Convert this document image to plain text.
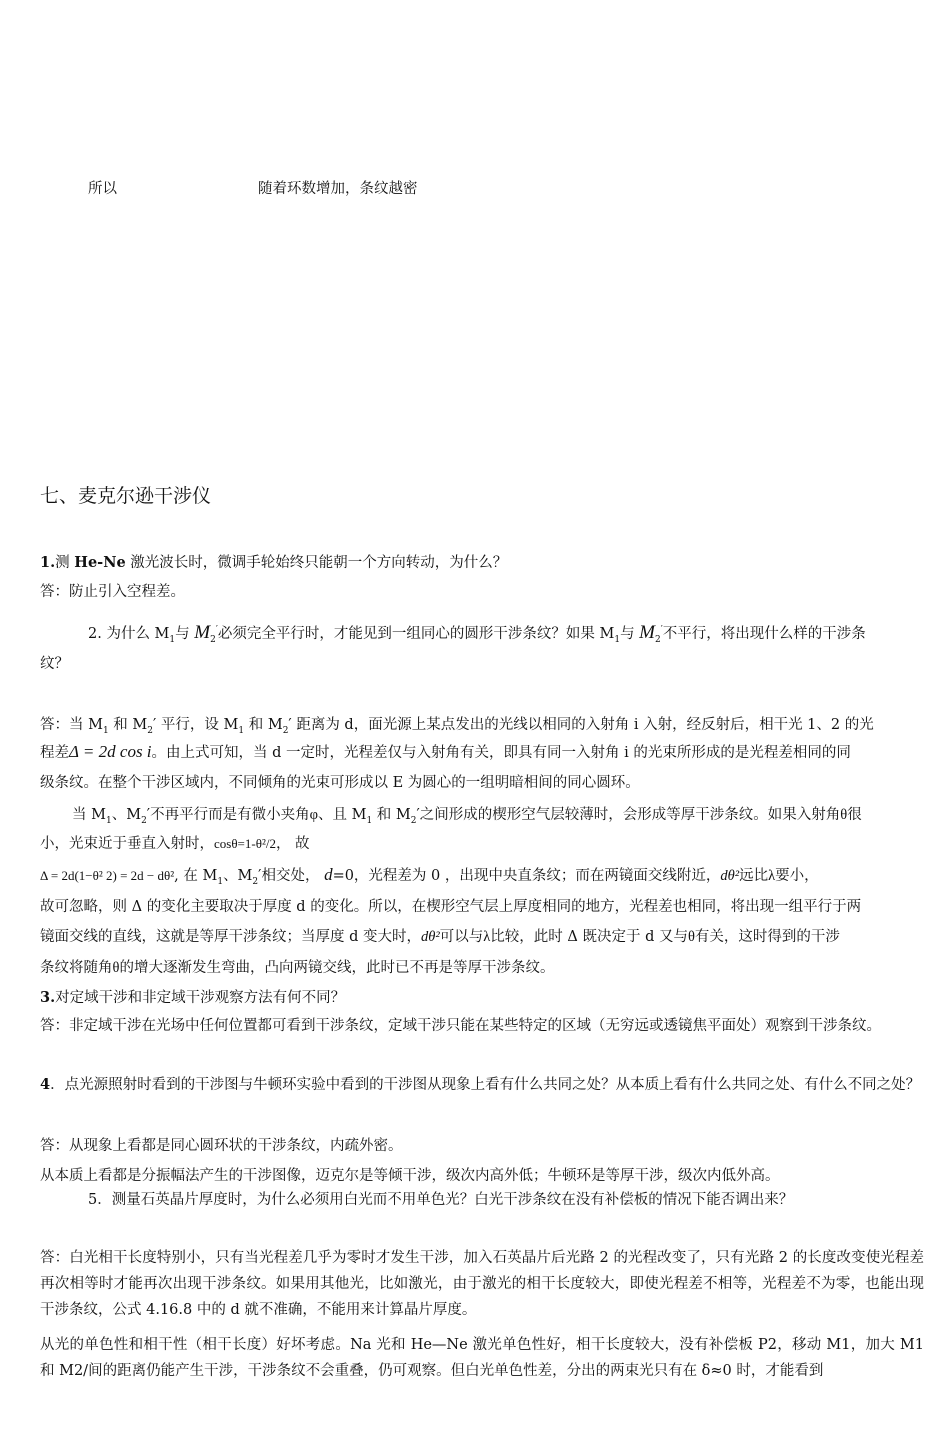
所以	随着环数增加，条纹越密
七、麦克尔逊干涉仪
1.测 He-Ne 激光波长时，微调手轮始终只能朝一个方向转动，为什么？
答：防止引入空程差。
2. 为什么 $M_1$与 $M_2'$必须完全平行时，才能见到一组同心的圆形干涉条纹？如果 $M_1$与 $M_2'$不平行，将出现什么样的干涉条
纹？
答：当 $M_1$ 和 $M_2'$ 平行，设 $M_1$ 和 $M_2'$ 距离为 d，面光源上某点发出的光线以相同的入射角 i 入射，经反射后，相干光 1、2 的光
程差Δ = 2d cos i。由上式可知，当 d 一定时，光程差仅与入射角有关，即具有同一入射角 i 的光束所形成的是光程差相同的同
级条纹。在整个干涉区域内，不同倾角的光束可形成以 E 为圆心的一组明暗相间的同心圆环。
当 $M_1$、$M_2'$不再平行而是有微小夹角φ、且 $M_1$ 和 $M_2'$之间形成的楔形空气层较薄时，会形成等厚干涉条纹。如果入射角θ很
小，光束近于垂直入射时，cosθ=1-θ²/2， 故
Δ = 2d(1−θ² 2) = 2d − dθ², 在 $M_1$、$M_2'$相交处， d=0，光程差为 0 ，出现中央直条纹；而在两镜面交线附近，dθ²远比λ要小，
故可忽略，则 Δ 的变化主要取决于厚度 d 的变化。所以，在楔形空气层上厚度相同的地方，光程差也相同，将出现一组平行于两
镜面交线的直线，这就是等厚干涉条纹；当厚度 d 变大时，dθ²可以与λ比较，此时 Δ 既决定于 d 又与θ有关，这时得到的干涉
条纹将随角θ的增大逐渐发生弯曲，凸向两镜交线，此时已不再是等厚干涉条纹。
3.对定域干涉和非定域干涉观察方法有何不同？
答：非定域干涉在光场中任何位置都可看到干涉条纹，定域干涉只能在某些特定的区域（无穷远或透镜焦平面处）观察到干涉条纹。
4．点光源照射时看到的干涉图与牛顿环实验中看到的干涉图从现象上看有什么共同之处？从本质上看有什么共同之处、有什么不同之处？
答：从现象上看都是同心圆环状的干涉条纹，内疏外密。
从本质上看都是分振幅法产生的干涉图像，迈克尔是等倾干涉，级次内高外低；牛顿环是等厚干涉，级次内低外高。
5．测量石英晶片厚度时，为什么必须用白光而不用单色光？白光干涉条纹在没有补偿板的情况下能否调出来？
答：白光相干长度特别小，只有当光程差几乎为零时才发生干涉，加入石英晶片后光路 2 的光程改变了，只有光路 2 的长度改变使光程差再次相等时才能再次出现干涉条纹。如果用其他光，比如激光，由于激光的相干长度较大，即使光程差不相等，光程差不为零，也能出现干涉条纹，公式 4.16.8 中的 d 就不准确，不能用来计算晶片厚度。
从光的单色性和相干性（相干长度）好坏考虑。Na 光和 He—Ne 激光单色性好，相干长度较大，没有补偿板 P2，移动 M1，加大 M1 和 M2/间的距离仍能产生干涉，干涉条纹不会重叠，仍可观察。但白光单色性差，分出的两束光只有在 δ≈0 时，才能看到
